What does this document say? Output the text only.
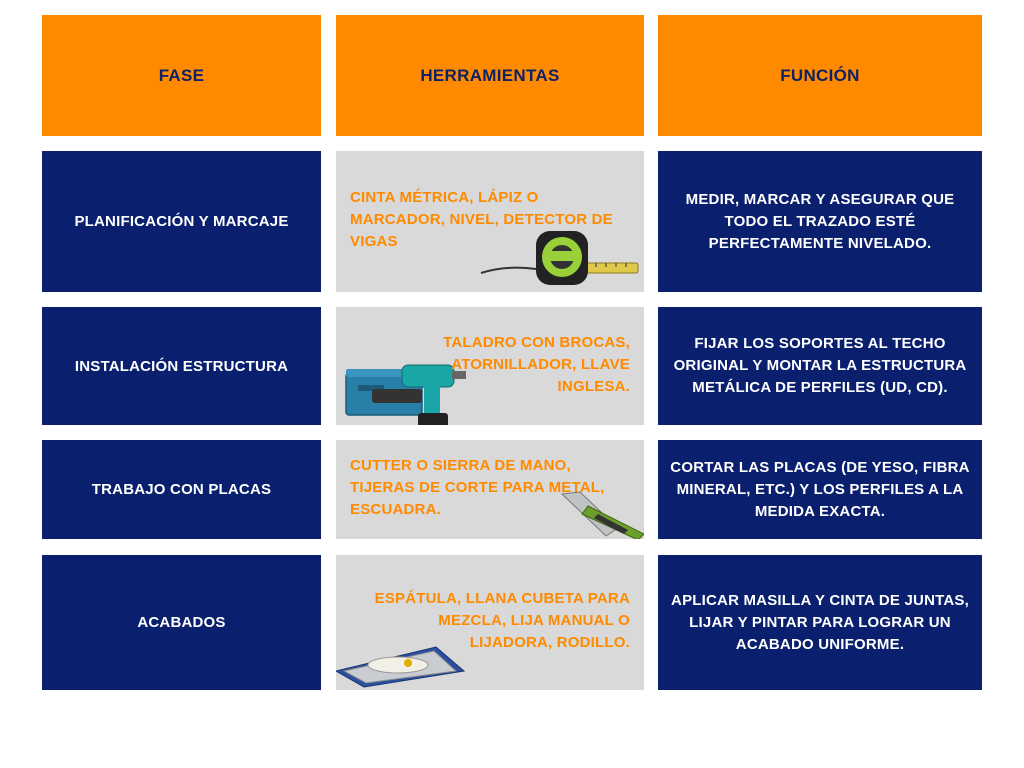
FASE	HERRAMIENTAS	FUNCIÓN
PLANIFICACIÓN Y MARCAJE
CINTA MÉTRICA, LÁPIZ O MARCADOR, NIVEL, DETECTOR DE VIGAS
MEDIR, MARCAR Y ASEGURAR QUE TODO EL TRAZADO ESTÉ PERFECTAMENTE NIVELADO.
INSTALACIÓN ESTRUCTURA
TALADRO CON BROCAS, ATORNILLADOR, LLAVE INGLESA.
FIJAR LOS SOPORTES AL TECHO ORIGINAL Y MONTAR LA ESTRUCTURA METÁLICA DE PERFILES (UD, CD).
TRABAJO CON PLACAS
CUTTER O SIERRA DE MANO, TIJERAS DE CORTE PARA METAL, ESCUADRA.
CORTAR LAS PLACAS (DE YESO, FIBRA MINERAL, ETC.) Y LOS PERFILES A LA MEDIDA EXACTA.
ACABADOS
ESPÁTULA, LLANA CUBETA PARA MEZCLA, LIJA MANUAL O LIJADORA, RODILLO.
APLICAR MASILLA Y CINTA DE JUNTAS, LIJAR Y PINTAR PARA LOGRAR UN ACABADO UNIFORME.
